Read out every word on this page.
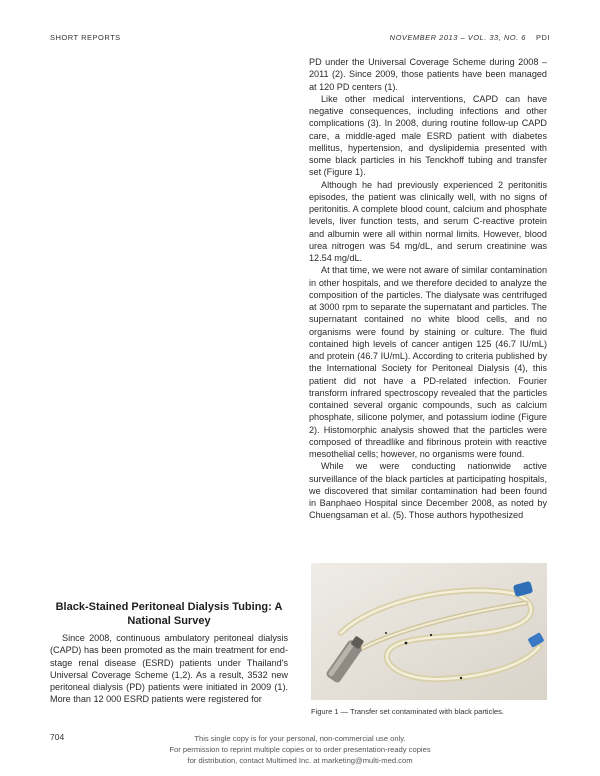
SHORT REPORTS	NOVEMBER 2013 – VOL. 33, NO. 6 PDI

PD under the Universal Coverage Scheme during 2008 – 2011 (2). Since 2009, those patients have been managed at 120 PD centers (1).

Like other medical interventions, CAPD can have negative consequences, including infections and other complications (3). In 2008, during routine follow-up CAPD care, a middle-aged male ESRD patient with diabetes mellitus, hypertension, and dyslipidemia presented with some black particles in his Tenckhoff tubing and transfer set (Figure 1).

Although he had previously experienced 2 peritonitis episodes, the patient was clinically well, with no signs of peritonitis. A complete blood count, calcium and phosphate levels, liver function tests, and serum C-reactive protein and albumin were all within normal limits. However, blood urea nitrogen was 54 mg/dL, and serum creatinine was 12.54 mg/dL.

At that time, we were not aware of similar contamination in other hospitals, and we therefore decided to analyze the composition of the particles. The dialysate was centrifuged at 3000 rpm to separate the supernatant and particles. The supernatant contained no white blood cells, and no organisms were found by staining or culture. The fluid contained high levels of cancer antigen 125 (46.7 IU/mL) and protein (46.7 IU/mL). According to criteria published by the International Society for Peritoneal Dialysis (4), this patient did not have a PD-related infection. Fourier transform infrared spectroscopy revealed that the particles contained several organic compounds, such as calcium phosphate, silicone polymer, and potassium iodine (Figure 2). Histomorphic analysis showed that the particles were composed of threadlike and fibrinous protein with reactive mesothelial cells; however, no organisms were found.

While we were conducting nationwide active surveillance of the black particles at participating hospitals, we discovered that similar contamination had been found in Banphaeo Hospital since December 2008, as noted by Chuengsaman et al. (5). Those authors hypothesized

Figure 1 — Transfer set contaminated with black particles.
Black-Stained Peritoneal Dialysis Tubing: A National Survey

Since 2008, continuous ambulatory peritoneal dialysis (CAPD) has been promoted as the main treatment for end-stage renal disease (ESRD) patients under Thailand's Universal Coverage Scheme (1,2). As a result, 3532 new peritoneal dialysis (PD) patients were initiated in 2009 (1). More than 12 000 ESRD patients were registered for

704	This single copy is for your personal, non-commercial use only.
For permission to reprint multiple copies or to order presentation-ready copies
for distribution, contact Multimed Inc. at marketing@multi-med.com
